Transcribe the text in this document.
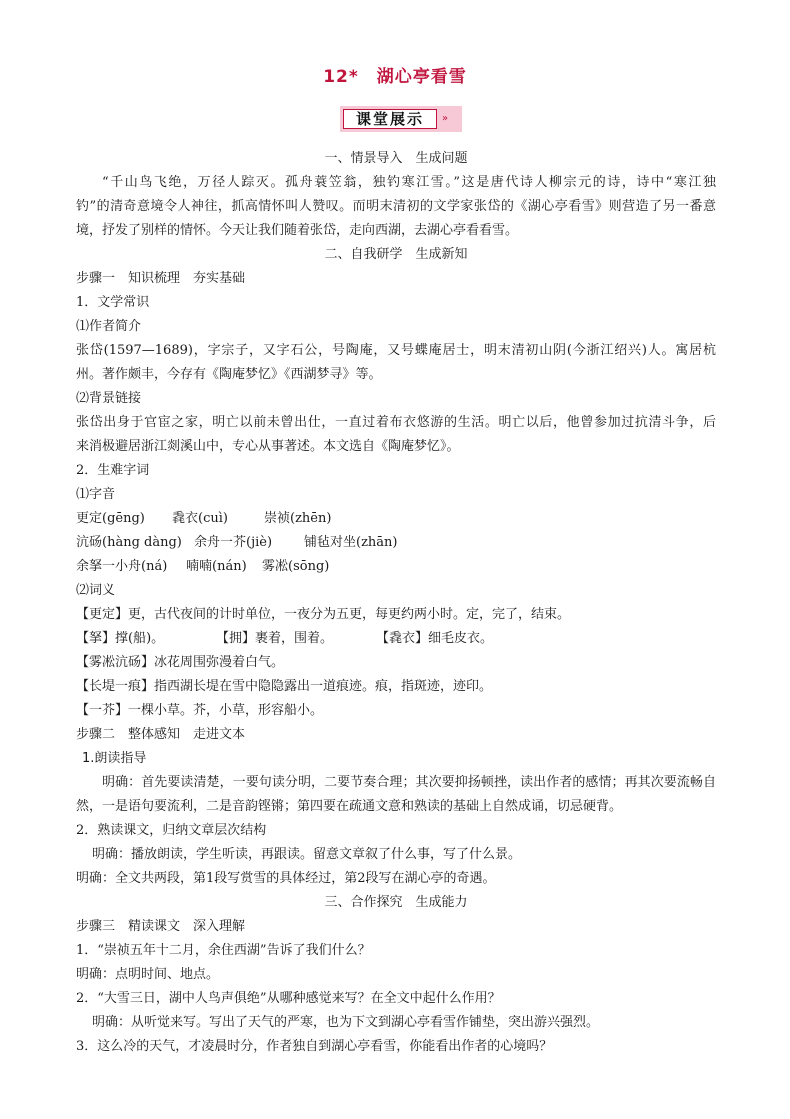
12*　湖心亭看雪
课堂展示	»
一、情景导入　生成问题
“千山鸟飞绝，万径人踪灭。孤舟蓑笠翁，独钓寒江雪。”这是唐代诗人柳宗元的诗，诗中“寒江独
钓”的清奇意境令人神往，抓高情怀叫人赞叹。而明末清初的文学家张岱的《湖心亭看雪》则营造了另一番意
境，抒发了别样的情怀。今天让我们随着张岱，走向西湖，去湖心亭看看雪。
二、自我研学　生成新知
步骤一　知识梳理　夯实基础
1．文学常识
⑴作者简介
张岱(1597—1689)，字宗子，又字石公，号陶庵，又号蝶庵居士，明末清初山阴(今浙江绍兴)人。寓居杭
州。著作颇丰，今存有《陶庵梦忆》《西湖梦寻》等。
⑵背景链接
张岱出身于官宦之家，明亡以前未曾出仕，一直过着布衣悠游的生活。明亡以后，他曾参加过抗清斗争，后
来消极避居浙江剡溪山中，专心从事著述。本文选自《陶庵梦忆》。
2．生难字词
⑴字音
更定(gēng) 毳衣(cuì)	崇祯(zhēn)
沆砀(hàng dàng) 余舟一芥(jiè) 铺毡对坐(zhān)
余拏一小舟(ná) 喃喃(nán) 雾凇(sōng)
⑵词义
【更定】更，古代夜间的计时单位，一夜分为五更，每更约两小时。定，完了，结束。
【拏】撑(船)。	【拥】裹着，围着。	【毳衣】细毛皮衣。
【雾凇沆砀】冰花周围弥漫着白气。
【长堤一痕】指西湖长堤在雪中隐隐露出一道痕迹。痕，指斑迹，迹印。
【一芥】一棵小草。芥，小草，形容船小。
步骤二　整体感知　走进文本
1.朗读指导
明确：首先要读清楚，一要句读分明，二要节奏合理；其次要抑扬顿挫，读出作者的感情；再其次要流畅自
然，一是语句要流利，二是音韵铿锵；第四要在疏通文意和熟读的基础上自然成诵，切忌硬背。
2．熟读课文，归纳文章层次结构
明确：播放朗读，学生听读，再跟读。留意文章叙了什么事，写了什么景。
明确：全文共两段，第1段写赏雪的具体经过，第2段写在湖心亭的奇遇。
三、合作探究　生成能力
步骤三　精读课文　深入理解
1．“崇祯五年十二月，余住西湖”告诉了我们什么？
明确：点明时间、地点。
2．“大雪三日，湖中人鸟声俱绝”从哪种感觉来写？在全文中起什么作用？
明确：从听觉来写。写出了天气的严寒，也为下文到湖心亭看雪作铺垫，突出游兴强烈。
3．这么冷的天气，才凌晨时分，作者独自到湖心亭看雪，你能看出作者的心境吗？
